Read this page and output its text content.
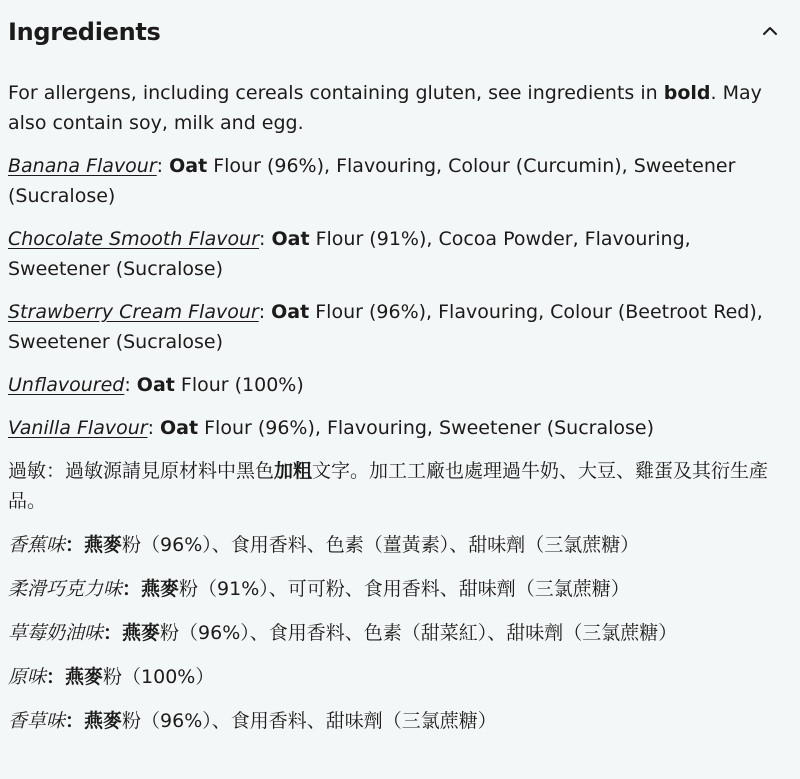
Ingredients

For allergens, including cereals containing gluten, see ingredients in bold. May also contain soy, milk and egg.

Banana Flavour: Oat Flour (96%), Flavouring, Colour (Curcumin), Sweetener (Sucralose)

Chocolate Smooth Flavour: Oat Flour (91%), Cocoa Powder, Flavouring, Sweetener (Sucralose)

Strawberry Cream Flavour: Oat Flour (96%), Flavouring, Colour (Beetroot Red), Sweetener (Sucralose)

Unflavoured: Oat Flour (100%)

Vanilla Flavour: Oat Flour (96%), Flavouring, Sweetener (Sucralose)

過敏：過敏源請見原材料中黑色加粗文字。加工工廠也處理過牛奶、大豆、雞蛋及其衍生產品。

香蕉味：燕麥粉（96%）、食用香料、色素（薑黃素）、甜味劑（三氯蔗糖）

柔滑巧克力味：燕麥粉（91%）、可可粉、食用香料、甜味劑（三氯蔗糖）

草莓奶油味：燕麥粉（96%）、食用香料、色素（甜菜紅）、甜味劑（三氯蔗糖）

原味：燕麥粉（100%）

香草味：燕麥粉（96%）、食用香料、甜味劑（三氯蔗糖）
